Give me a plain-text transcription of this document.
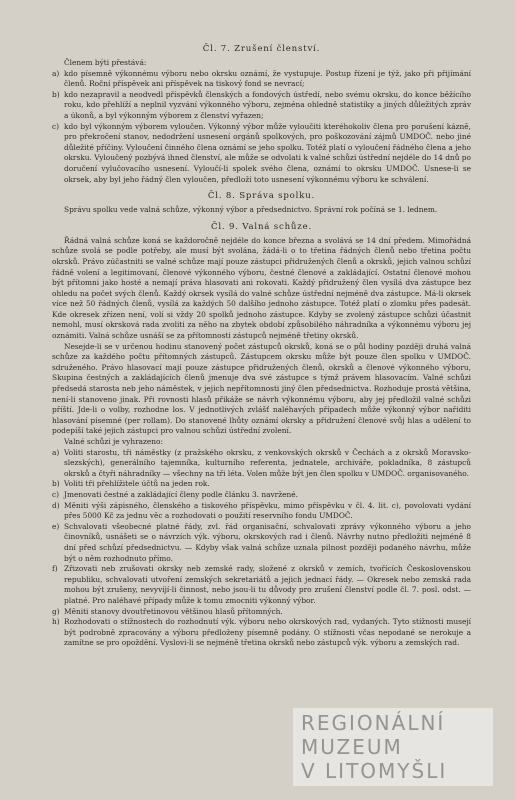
Čl. 7. Zrušení členství.

Členem býti přestává:

a) kdo písemně výkonnému výboru nebo okrsku oznámí, že vystupuje. Postup řízení je týž, jako při přijímání členů. Roční příspěvek ani příspěvek na tiskový fond se nevrací;
b) kdo nezapravil a neodvedl příspěvků členských a fondových ústředí, nebo svému okrsku, do konce běžícího roku, kdo přehlíží a neplnil vyzvání výkonného výboru, zejména ohledně statistiky a jiných důležitých zpráv a úkonů, a byl výkonným výborem z členství vyřazen;
c) kdo byl výkonným výborem vyloučen. Výkonný výbor může vyloučiti kteréhokoliv člena pro porušení kázně, pro překročení stanov, nedodržení usnesení orgánů spolkových, pro poškozování zájmů UMDOČ. nebo jiné důležité příčiny. Vyloučení činného člena oznámí se jeho spolku. Totéž platí o vyloučení řádného člena a jeho okrsku. Vyloučený pozbývá ihned členství, ale může se odvolati k valné schůzi ústřední nejdéle do 14 dnů po doručení vylučovacího usnesení. Vyloučí-li spolek svého člena, oznámí to okrsku UMDOČ. Usnese-li se okrsek, aby byl jeho řádný člen vyloučen, předloží toto usnesení výkonnému výboru ke schválení.
Čl. 8. Správa spolku.

Správu spolku vede valná schůze, výkonný výbor a předsednictvo. Správní rok počíná se 1. lednem.

Čl. 9. Valná schůze.

Řádná valná schůze koná se každoročně nejdéle do konce března a svolává se 14 dní předem. Mimořádná schůze svolá se podle potřeby, ale musí být svolána, žádá-li o to třetina řádných členů nebo třetina počtu okrsků. Právo zúčastniti se valné schůze mají pouze zástupci přidružených členů a okrsků, jejich valnou schůzí řádně volení a legitimovaní, členové výkonného výboru, čestné členové a zakládající. Ostatní členové mohou být přítomni jako hosté a nemají práva hlasovati ani rokovati. Každý přidružený člen vysílá dva zástupce bez ohledu na počet svých členů. Každý okrsek vysílá do valné schůze ústřední nejméně dva zástupce. Má-li okrsek více než 50 řádných členů, vysílá za každých 50 dalšího jednoho zástupce. Totéž platí o zlomku přes padesát. Kde okresek zřízen není, volí si vždy 20 spolků jednoho zástupce. Kdyby se zvolený zástupce schůzi účastnit nemohl, musí okrsková rada zvoliti za něho na zbytek období způsobilého náhradníka a výkonnému výboru jej oznámiti. Valná schůze usnáší se za přítomnosti zástupců nejméně třetiny okrsků.

Nesejde-li se v určenou hodinu stanovený počet zástupců okrsků, koná se o půl hodiny později druhá valná schůze za každého počtu přítomných zástupců. Zástupcem okrsku může být pouze člen spolku v UMDOČ. sdruženého. Právo hlasovací mají pouze zástupce přidružených členů, okrsků a členové výkonného výboru, Skupina čestných a zakládajících členů jmenuje dva své zástupce s týmž právem hlasovacím. Valné schůzi předsedá starosta neb jeho náměstek, v jejich nepřítomnosti jiný člen předsednictva. Rozhoduje prostá většina, není-li stanoveno jinak. Při rovnosti hlasů přikáže se návrh výkonnému výboru, aby jej předložil valné schůzi příští. Jde-li o volby, rozhodne los. V jednotlivých zvlášť naléhavých případech může výkonný výbor nařiditi hlasování písemné (per rollam). Do stanovené lhůty oznámí okrsky a přidružení členové svůj hlas a udělení to podepíší také jejich zástupci pro valnou schůzi ústřední zvolení.

Valné schůzi je vyhrazeno:

a) Voliti starostu, tři náměstky (z pražského okrsku, z venkovských okrsků v Čechách a z okrsků Moravsko-slezských), generálního tajemníka, kulturního referenta, jednatele, archiváře, pokladníka, 8 zástupců okrsků a čtyři náhradníky — všechny na tři léta. Volen může být jen člen spolku v UMDOČ. organisovaného.
b) Voliti tři přehlížitele účtů na jeden rok.
c) Jmenovati čestné a zakládající členy podle článku 3. navržené.
d) Měniti výši zápisného, členského a tiskového příspěvku, mimo příspěvku v čl. 4. lit. c), povolovati vydání přes 5000 Kč za jednu věc a rozhodovati o použití reservního fondu UMDOČ.
e) Schvalovati všeobecné platné řády, zvl. řád organisační, schvalovati zprávy výkonného výboru a jeho činovníků, usnášeti se o návrzích výk. výboru, okrskových rad i členů. Návrhy nutno předložiti nejméně 8 dní před schůzí předsednictvu. — Kdyby však valná schůze uznala pilnost později podaného návrhu, může být o něm rozhodnuto přímo.
f) Zřizovati neb zrušovati okrsky neb zemské rady, složené z okrsků v zemích, tvořících Československou republiku, schvalovati utvoření zemských sekretariátů a jejich jednací řády. — Okresek nebo zemská rada mohou být zrušeny, nevyvíjí-li činnost, nebo jsou-li tu důvody pro zrušení členství podle čl. 7. posl. odst. — platné. Pro naléhavé případy může k tomu zmocniti výkonný výbor.
g) Měniti stanovy dvoutřetinovou většinou hlasů přítomných.
h) Rozhodovati o stížnostech do rozhodnutí výk. výboru nebo okrskových rad, vydaných. Tyto stížnosti musejí být podrobně zpracovány a výboru předloženy písemně podány. O stížnosti včas nepodané se nerokuje a zamítne se pro opoždění. Vyslovi-li se nejméně třetina okrsků nebo zástupců výk. výboru a zemských rad.
REGIONÁLNÍ
MUZEUM
V LITOMYŠLI
